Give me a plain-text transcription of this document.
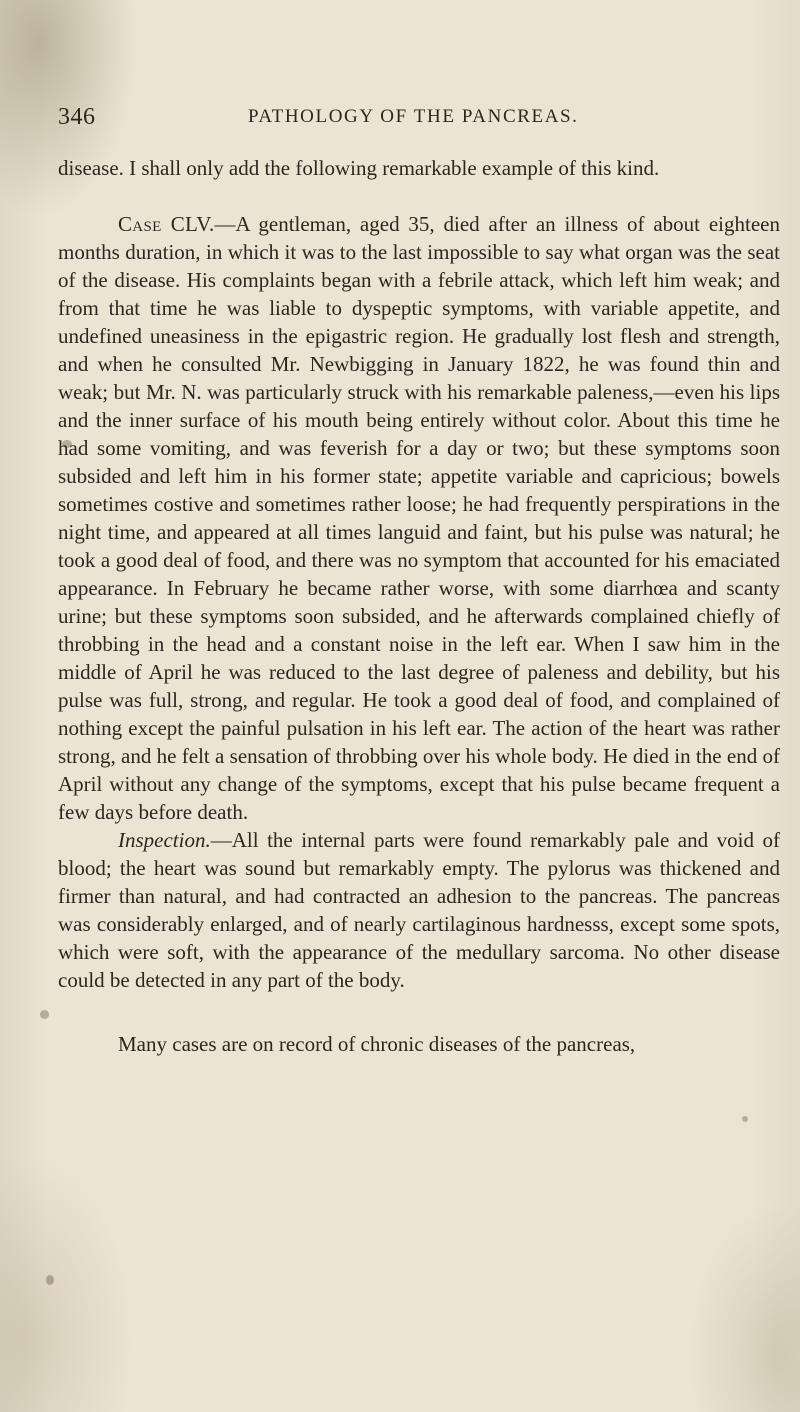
346	PATHOLOGY OF THE PANCREAS.

disease. I shall only add the following remarkable example of this kind.

Case CLV.—A gentleman, aged 35, died after an illness of about eighteen months duration, in which it was to the last impossible to say what organ was the seat of the disease. His complaints began with a febrile attack, which left him weak; and from that time he was liable to dyspeptic symptoms, with variable appetite, and undefined uneasiness in the epigastric region. He gradually lost flesh and strength, and when he consulted Mr. Newbigging in January 1822, he was found thin and weak; but Mr. N. was particularly struck with his remarkable paleness,—even his lips and the inner surface of his mouth being entirely without color. About this time he had some vomiting, and was feverish for a day or two; but these symptoms soon subsided and left him in his former state; appetite variable and capricious; bowels sometimes costive and sometimes rather loose; he had frequently perspirations in the night time, and appeared at all times languid and faint, but his pulse was natural; he took a good deal of food, and there was no symptom that accounted for his emaciated appearance. In February he became rather worse, with some diarrhœa and scanty urine; but these symptoms soon subsided, and he afterwards complained chiefly of throbbing in the head and a constant noise in the left ear. When I saw him in the middle of April he was reduced to the last degree of paleness and debility, but his pulse was full, strong, and regular. He took a good deal of food, and complained of nothing except the painful pulsation in his left ear. The action of the heart was rather strong, and he felt a sensation of throbbing over his whole body. He died in the end of April without any change of the symptoms, except that his pulse became frequent a few days before death.

Inspection.—All the internal parts were found remarkably pale and void of blood; the heart was sound but remarkably empty. The pylorus was thickened and firmer than natural, and had contracted an adhesion to the pancreas. The pancreas was considerably enlarged, and of nearly cartilaginous hardnesss, except some spots, which were soft, with the appearance of the medullary sarcoma. No other disease could be detected in any part of the body.

Many cases are on record of chronic diseases of the pancreas,
